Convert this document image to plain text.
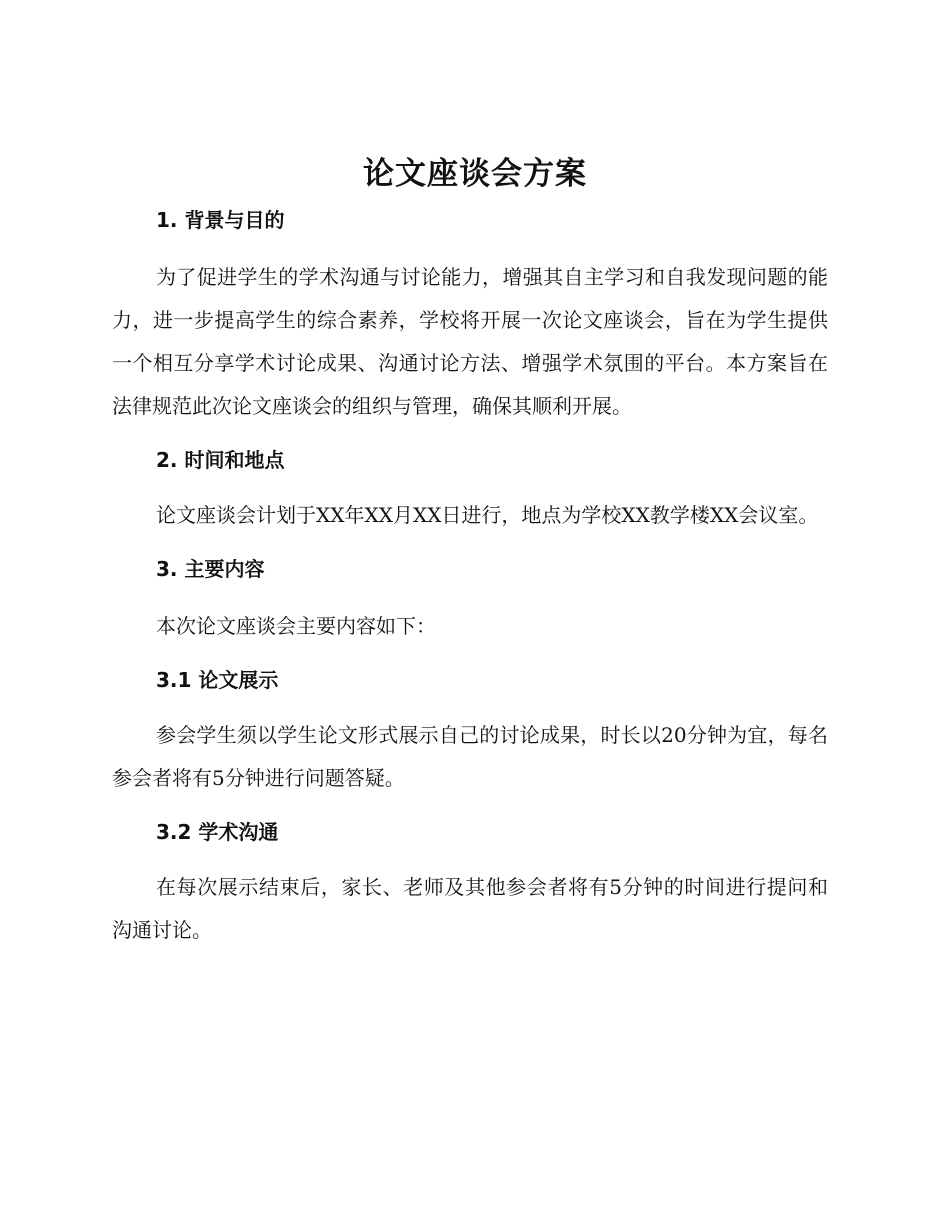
论文座谈会方案
1. 背景与目的

为了促进学生的学术沟通与讨论能力，增强其自主学习和自我发现问题的能力，进一步提高学生的综合素养，学校将开展一次论文座谈会，旨在为学生提供一个相互分享学术讨论成果、沟通讨论方法、增强学术氛围的平台。本方案旨在法律规范此次论文座谈会的组织与管理，确保其顺利开展。

2. 时间和地点

论文座谈会计划于XX年XX月XX日进行，地点为学校XX教学楼XX会议室。

3. 主要内容

本次论文座谈会主要内容如下：

3.1 论文展示

参会学生须以学生论文形式展示自己的讨论成果，时长以20分钟为宜，每名参会者将有5分钟进行问题答疑。

3.2 学术沟通

在每次展示结束后，家长、老师及其他参会者将有5分钟的时间进行提问和沟通讨论。
